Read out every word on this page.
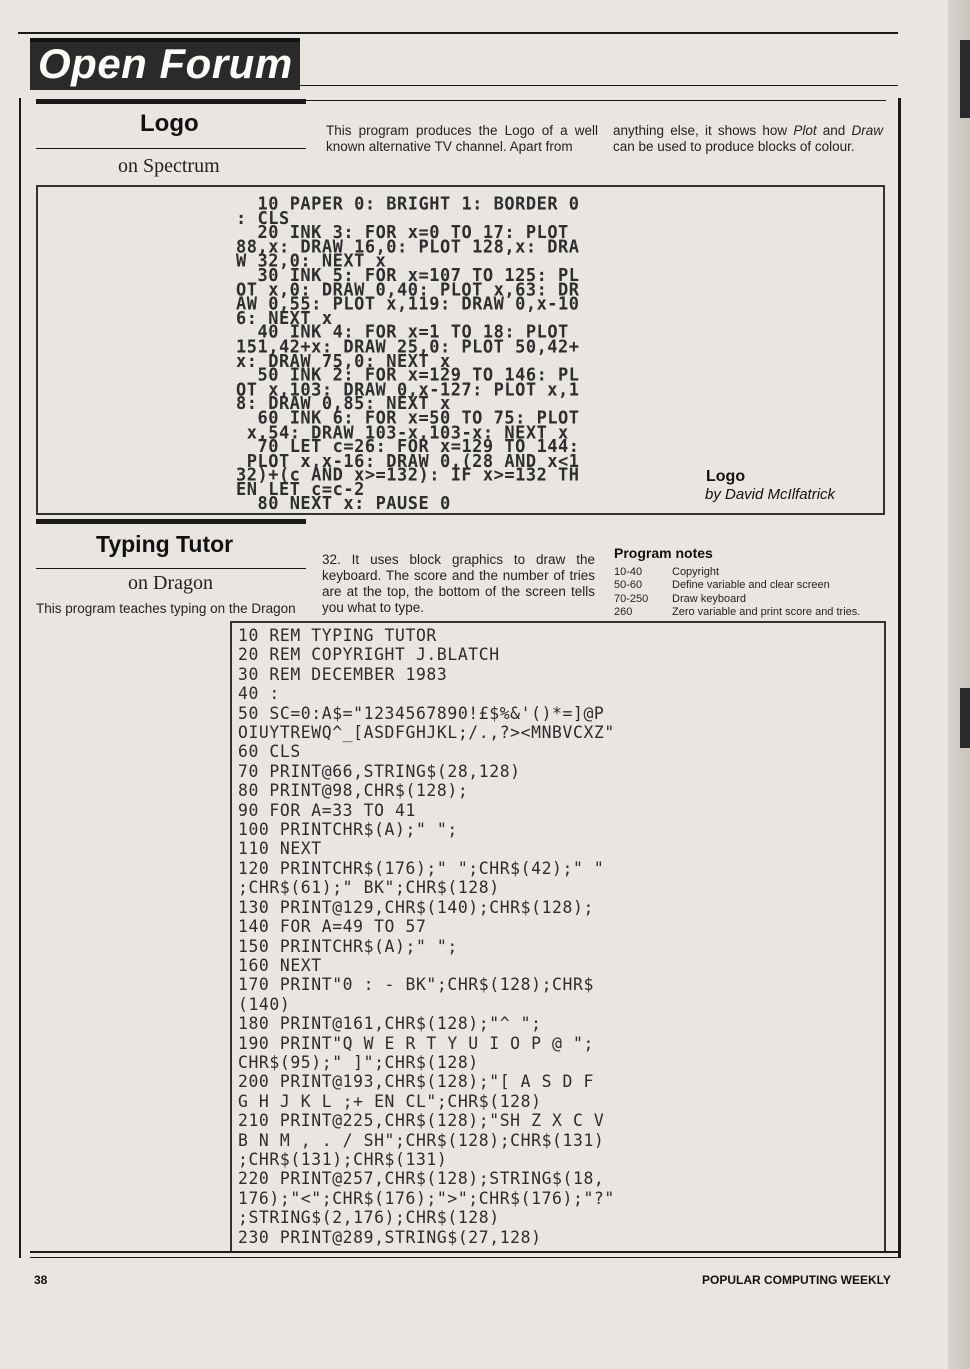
Open Forum
Logo
on Spectrum
This program produces the Logo of a well known alternative TV channel. Apart from
anything else, it shows how Plot and Draw can be used to produce blocks of colour.
10 PAPER 0: BRIGHT 1: BORDER 0
: CLS
20 INK 3: FOR x=0 TO 17: PLOT
88,x: DRAW 16,0: PLOT 128,x: DRA
W 32,0: NEXT x
30 INK 5: FOR x=107 TO 125: PL
OT x,0: DRAW 0,40: PLOT x,63: DR
AW 0,55: PLOT x,119: DRAW 0,x-10
6: NEXT x
40 INK 4: FOR x=1 TO 18: PLOT
151,42+x: DRAW 25,0: PLOT 50,42+
x: DRAW 75,0: NEXT x
50 INK 2: FOR x=129 TO 146: PL
OT x,103: DRAW 0,x-127: PLOT x,1
8: DRAW 0,85: NEXT x
60 INK 6: FOR x=50 TO 75: PLOT
x,54: DRAW 103-x,103-x: NEXT x
70 LET c=26: FOR x=129 TO 144:
PLOT x,x-16: DRAW 0,(28 AND x<1
32)+(c AND x>=132): IF x>=132 TH
EN LET c=c-2
80 NEXT x: PAUSE 0
Logo
by David McIlfatrick
Typing Tutor
on Dragon
This program teaches typing on the Dragon
32. It uses block graphics to draw the keyboard. The score and the number of tries are at the top, the bottom of the screen tells you what to type.
Program notes
10-40	Copyright
50-60	Define variable and clear screen
70-250	Draw keyboard
260	Zero variable and print score and tries.
10 REM TYPING TUTOR
20 REM COPYRIGHT J.BLATCH
30 REM DECEMBER 1983
40 :
50 SC=0:A$="1234567890!£$%&'()*=]@P
OIUYTREWQ^_[ASDFGHJKL;/.,?><MNBVCXZ"
60 CLS
70 PRINT@66,STRING$(28,128)
80 PRINT@98,CHR$(128);
90 FOR A=33 TO 41
100 PRINTCHR$(A);" ";
110 NEXT
120 PRINTCHR$(176);" ";CHR$(42);" "
;CHR$(61);" BK";CHR$(128)
130 PRINT@129,CHR$(140);CHR$(128);
140 FOR A=49 TO 57
150 PRINTCHR$(A);" ";
160 NEXT
170 PRINT"0 : - BK";CHR$(128);CHR$
(140)
180 PRINT@161,CHR$(128);"^ ";
190 PRINT"Q W E R T Y U I O P @ ";
CHR$(95);" ]";CHR$(128)
200 PRINT@193,CHR$(128);"[ A S D F
G H J K L ;+ EN CL";CHR$(128)
210 PRINT@225,CHR$(128);"SH Z X C V
B N M , . / SH";CHR$(128);CHR$(131)
;CHR$(131);CHR$(131)
220 PRINT@257,CHR$(128);STRING$(18,
176);"<";CHR$(176);">";CHR$(176);"?"
;STRING$(2,176);CHR$(128)
230 PRINT@289,STRING$(27,128)
38	POPULAR COMPUTING WEEKLY
